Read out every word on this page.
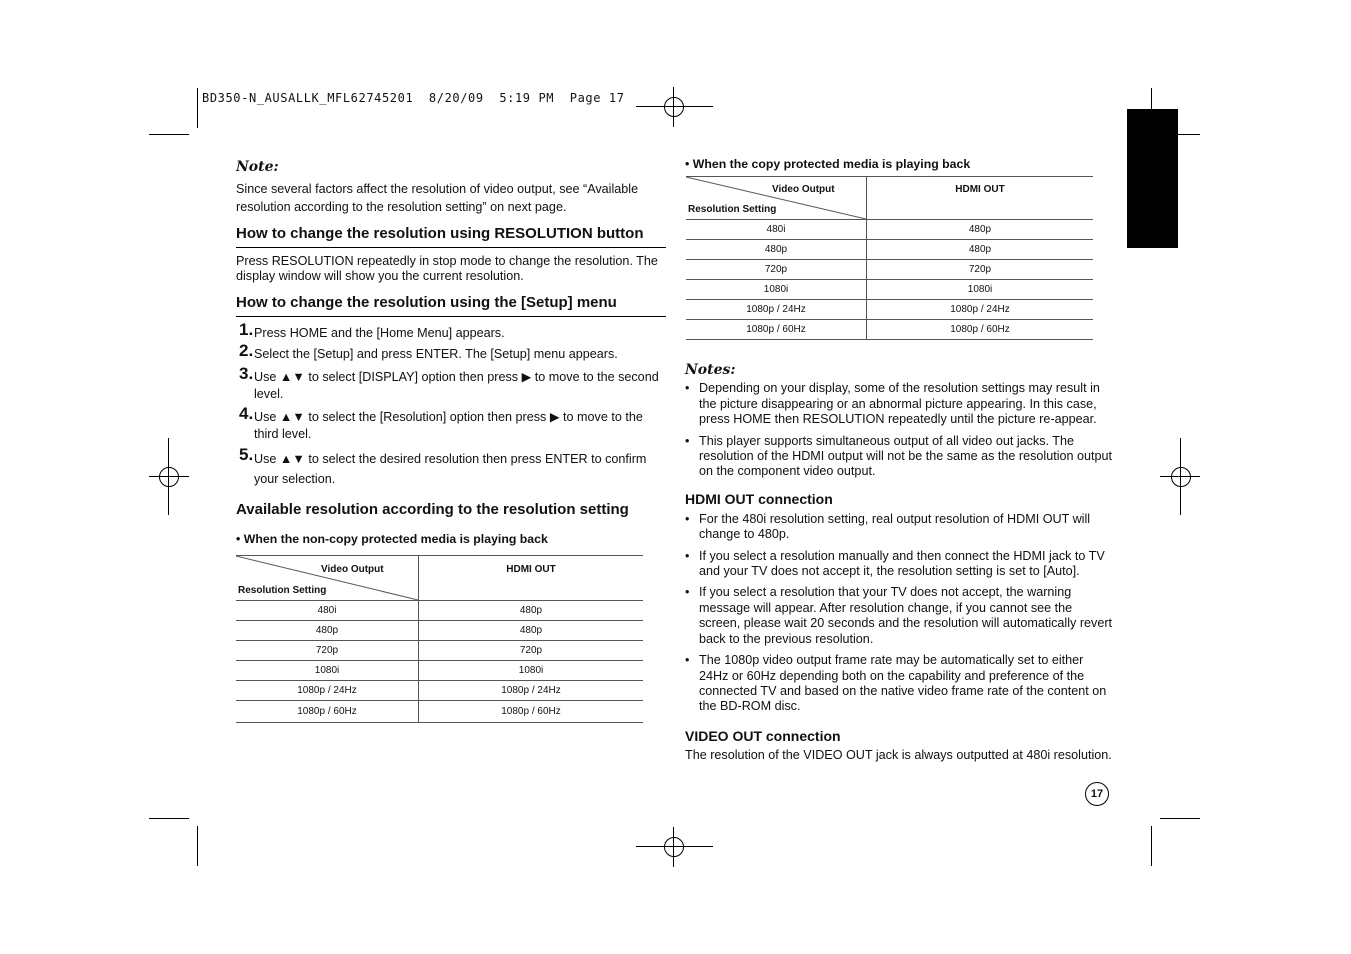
BD350-N_AUSALLK_MFL62745201  8/20/09  5:19 PM  Page 17
Note:
Since several factors affect the resolution of video output, see “Available resolution according to the resolution setting” on next page.
How to change the resolution using RESOLUTION button
Press RESOLUTION repeatedly in stop mode to change the resolution. The display window will show you the current resolution.
How to change the resolution using the [Setup] menu
1. Press HOME and the [Home Menu] appears.
2. Select the [Setup] and press ENTER. The [Setup] menu appears.
3. Use ▲▼ to select [DISPLAY] option then press ▶ to move to the second level.
4. Use ▲▼ to select the [Resolution] option then press ▶ to move to the third level.
5. Use ▲▼ to select the desired resolution then press ENTER to confirm your selection.
Available resolution according to the resolution setting
• When the non-copy protected media is playing back
Video Output
Resolution Setting	HDMI OUT
480i	480p
480p	480p
720p	720p
1080i	1080i
1080p / 24Hz	1080p / 24Hz
1080p / 60Hz	1080p / 60Hz
• When the copy protected media is playing back
Video Output
Resolution Setting	HDMI OUT
480i	480p
480p	480p
720p	720p
1080i	1080i
1080p / 24Hz	1080p / 24Hz
1080p / 60Hz	1080p / 60Hz
Notes:
• Depending on your display, some of the resolution settings may result in the picture disappearing or an abnormal picture appearing. In this case, press HOME then RESOLUTION repeatedly until the picture re-appear.
• This player supports simultaneous output of all video out jacks. The resolution of the HDMI output will not be the same as the resolution output on the component video output.
HDMI OUT connection
• For the 480i resolution setting, real output resolution of HDMI OUT will change to 480p.
• If you select a resolution manually and then connect the HDMI jack to TV and your TV does not accept it, the resolution setting is set to [Auto].
• If you select a resolution that your TV does not accept, the warning message will appear. After resolution change, if you cannot see the screen, please wait 20 seconds and the resolution will automatically revert back to the previous resolution.
• The 1080p video output frame rate may be automatically set to either 24Hz or 60Hz depending both on the capability and preference of the connected TV and based on the native video frame rate of the content on the BD-ROM disc.
VIDEO OUT connection
The resolution of the VIDEO OUT jack is always outputted at 480i resolution.
17
